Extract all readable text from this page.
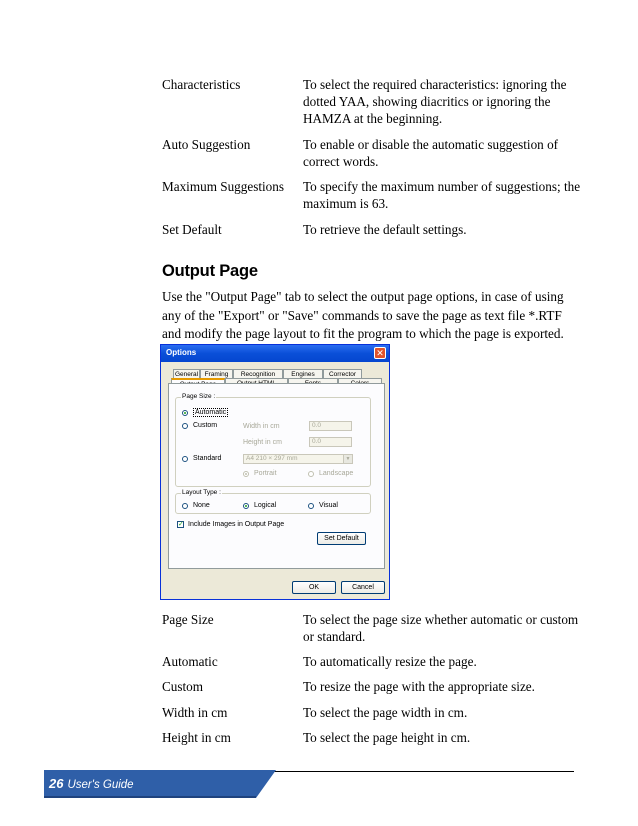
Characteristics	To select the required characteristics: ignoring the dotted YAA, showing diacritics or ignoring the HAMZA at the beginning.
Auto Suggestion	To enable or disable the automatic suggestion of correct words.
Maximum Suggestions	To specify the maximum number of suggestions; the maximum is 63.
Set Default	To retrieve the default settings.
Output Page
Use the "Output Page" tab to select the output page options, in case of using any of the "Export" or "Save" commands to save the page as text file *.RTF and modify the page layout to fit the program to which the page is exported.
Options	✕
General	Framing	Recognition	Engines	Corrector
Page Size :
Automatic
Custom	Width in cm	0.0
Height in cm	0.0
Standard	A4 210 × 297 mm	▼
Portrait	Landscape
Layout Type :
None	Logical	Visual
✓ Include Images in Output Page
Set Default
OK	Cancel
Page Size	To select the page size whether automatic or custom or standard.
Automatic	To automatically resize the page.
Custom	To resize the page with the appropriate size.
Width in cm	To select the page width in cm.
Height in cm	To select the page height in cm.
26 User's Guide
